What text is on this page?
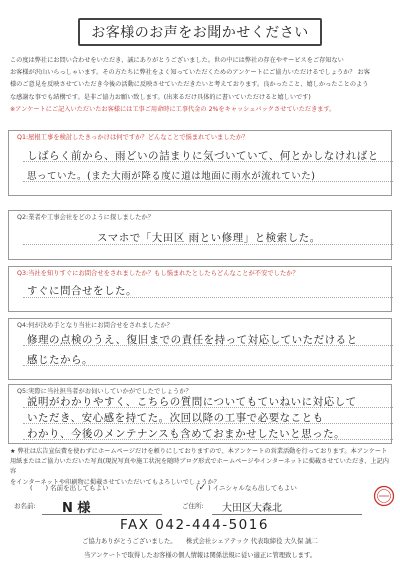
お客様のお声をお聞かせください
この度は弊社にお問い合わせをいただき、誠にありがとうございました。世の中には弊社の存在やサービスをご存知ない
お客様が沢山いらっしゃいます。その方たちに弊社をよく知っていただくためのアンケートにご協力いただけるでしょうか？ お客
様のご意見を反映させていただき今後の活動に反映させていただきたいと考えております。良かったこと、嬉しかったことのよう
な感謝な事でも結構です。是非ご協力お願い致します。(出来るだけ具体的に書いていただけると嬉しいです)
※アンケートにご記入いただいたお客様には工事ご用命時に工事代金の 2%をキャッシュバックさせていただきます。
Q1:屋根工事を検討したきっかけは何ですか？どんなことで悩まれていましたか？
しばらく前から、雨どいの詰まりに気づいていて、何とかしなければと
思っていた。(また大雨が降る度に道は地面に雨水が流れていた)
Q2:業者や工事会社をどのように探しましたか？
スマホで「大田区 雨とい修理」と検索した。
Q3:当社を知りすぐにお問合せをされましたか？もし悩まれたとしたらどんなことが不安でしたか？
すぐに問合せをした。
Q4:何が決め手となり当社にお問合せをされましたか？
修理の点検のうえ、復旧までの責任を持って対応していただけると
感じたから。
Q5:実際に当社担当者がお伺いしていかがでしたでしょうか？
説明がわかりやすく、こちらの質問についてもていねいに対応して
いただき、安心感を持てた。次回以降の工事で必要なことも
わかり、今後のメンテナンスも含めておまかせしたいと思った。
★ 弊社は広告宣伝費を使わずにホームページだけを頼りにしておりますので、本アンケートの営業活動を行っております。本アンケート
用紙またはご協力いただいた写真(現況写真や施工状況を随時ブログ形式でホームページやインターネットに掲載させていただき、上記内容
をインターネットや印刷物に掲載させていただいてもよろしいでしょうか？
(　　) 名前を出してもよい	(✓ ) イニシャルなら出してもよい
お名前: N 様	ご住所: 大田区大森北
FAX 042-444-5016
ご協力ありがとうございました。　　株式会社シェアテック 代表取締役 大久保 誠二
当アンケートで取得したお客様の個人情報は関係法規に従い適正に管理致します。
